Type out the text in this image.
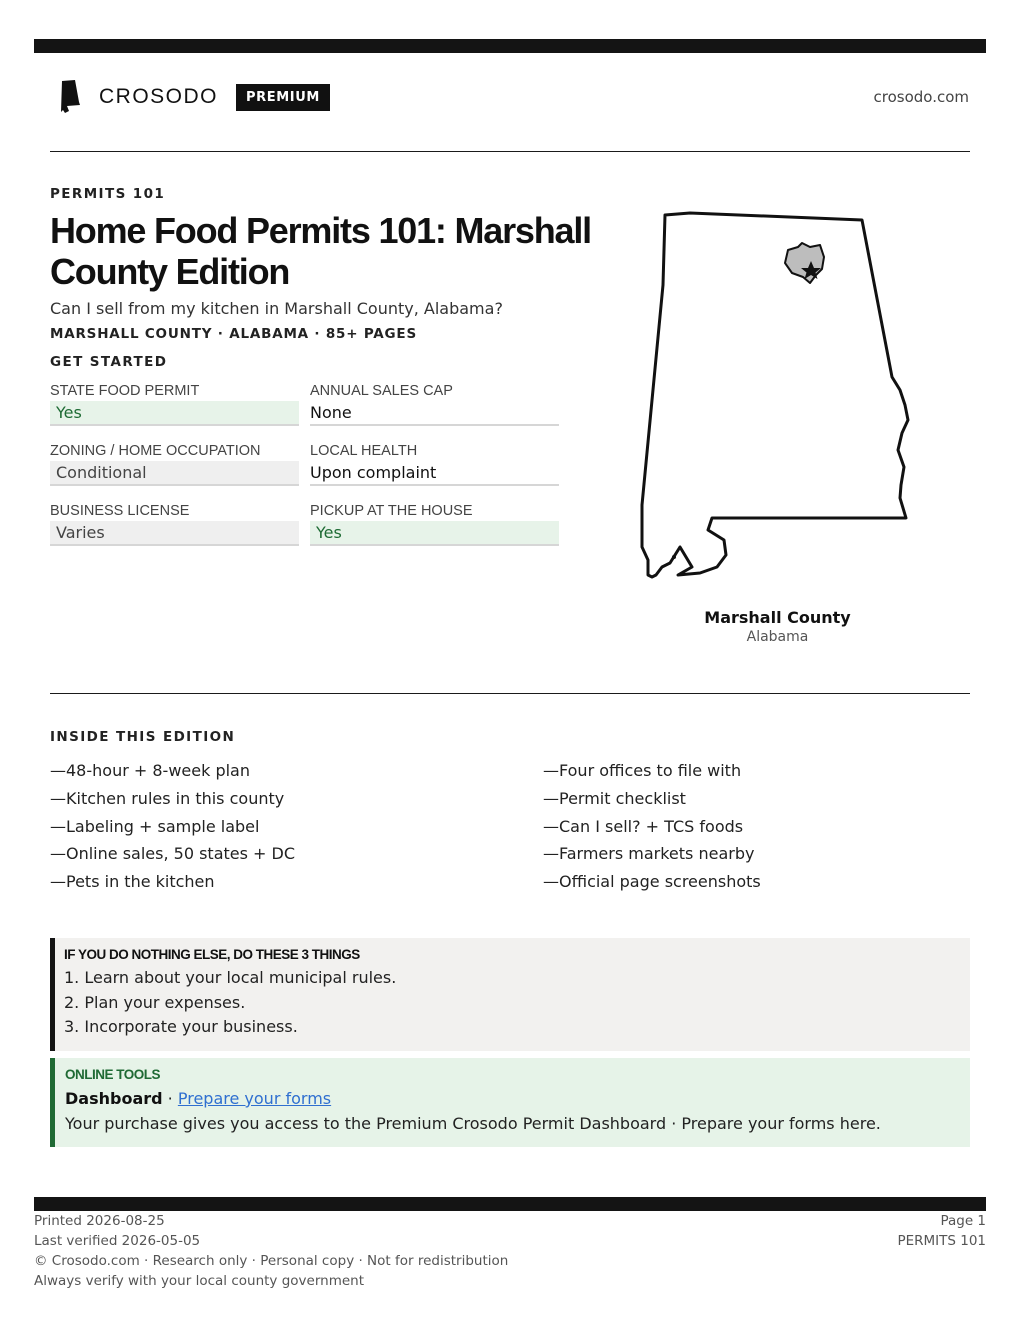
CROSODO	PREMIUM	crosodo.com
PERMITS 101
Home Food Permits 101: Marshall County Edition
Can I sell from my kitchen in Marshall County, Alabama?
MARSHALL COUNTY · ALABAMA · 85+ PAGES
GET STARTED
STATE FOOD PERMIT
Yes
ANNUAL SALES CAP
None
ZONING / HOME OCCUPATION
Conditional
LOCAL HEALTH
Upon complaint
BUSINESS LICENSE
Varies
PICKUP AT THE HOUSE
Yes
Marshall County
Alabama
INSIDE THIS EDITION
—48-hour + 8-week plan
—Kitchen rules in this county
—Labeling + sample label
—Online sales, 50 states + DC
—Pets in the kitchen
—Four offices to file with
—Permit checklist
—Can I sell? + TCS foods
—Farmers markets nearby
—Official page screenshots
IF YOU DO NOTHING ELSE, DO THESE 3 THINGS
1. Learn about your local municipal rules.
2. Plan your expenses.
3. Incorporate your business.
ONLINE TOOLS
Dashboard · Prepare your forms
Your purchase gives you access to the Premium Crosodo Permit Dashboard · Prepare your forms here.
Printed 2026-08-25
Last verified 2026-05-05
© Crosodo.com · Research only · Personal copy · Not for redistribution
Always verify with your local county government
Page 1
PERMITS 101
